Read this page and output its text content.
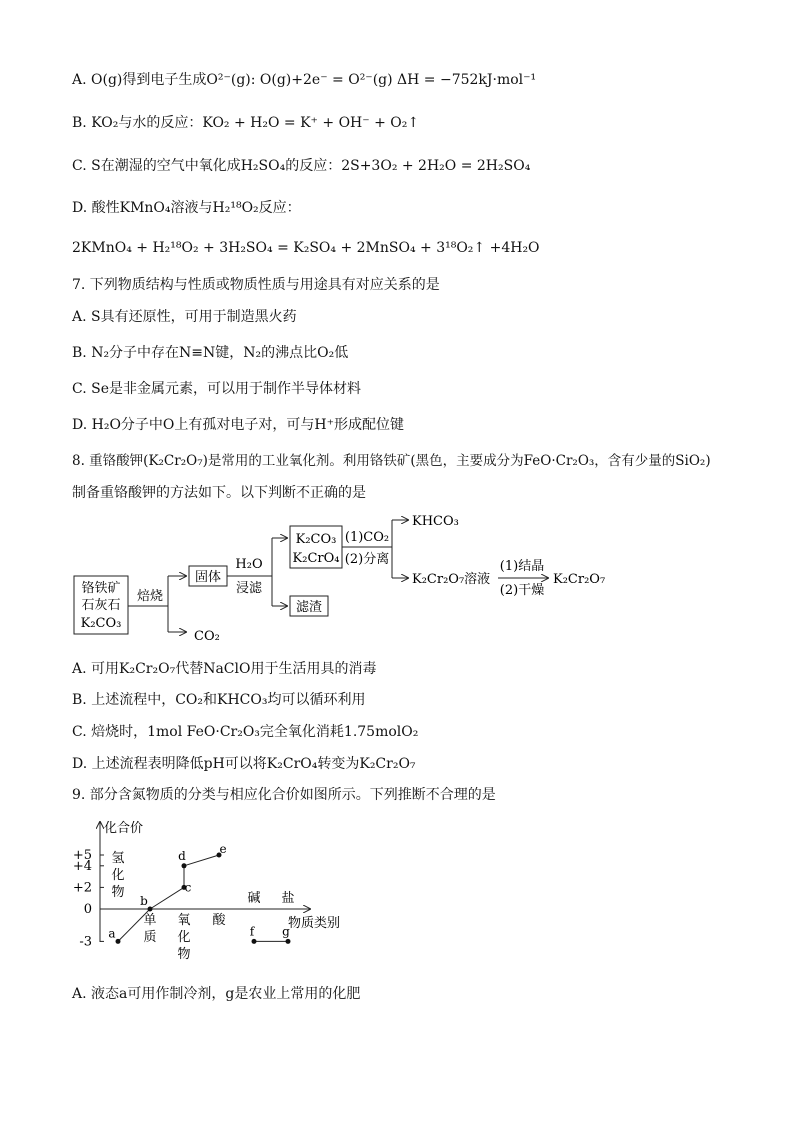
A. O(g)得到电子生成O²⁻(g): O(g)+2e⁻ = O²⁻(g) ΔH = −752kJ·mol⁻¹
B. KO₂与水的反应：KO₂ + H₂O = K⁺ + OH⁻ + O₂↑
C. S在潮湿的空气中氧化成H₂SO₄的反应：2S+3O₂ + 2H₂O = 2H₂SO₄
D. 酸性KMnO₄溶液与H₂¹⁸O₂反应：
2KMnO₄ + H₂¹⁸O₂ + 3H₂SO₄ = K₂SO₄ + 2MnSO₄ + 3¹⁸O₂↑ +4H₂O
7. 下列物质结构与性质或物质性质与用途具有对应关系的是
A. S具有还原性，可用于制造黑火药
B. N₂分子中存在N≡N键，N₂的沸点比O₂低
C. Se是非金属元素，可以用于制作半导体材料
D. H₂O分子中O上有孤对电子对，可与H⁺形成配位键
8. 重铬酸钾(K₂Cr₂O₇)是常用的工业氧化剂。利用铬铁矿(黑色，主要成分为FeO·Cr₂O₃，含有少量的SiO₂)
制备重铬酸钾的方法如下。以下判断不正确的是
铬铁矿
石灰石
K₂CO₃
焙烧
CO₂
固体
H₂O
浸滤
滤渣
K₂CO₃
K₂CrO₄
(1)CO₂
(2)分离
KHCO₃
K₂Cr₂O₇溶液
(1)结晶
(2)干燥
K₂Cr₂O₇
A. 可用K₂Cr₂O₇代替NaClO用于生活用具的消毒
B. 上述流程中，CO₂和KHCO₃均可以循环利用
C. 焙烧时，1mol FeO·Cr₂O₃完全氧化消耗1.75molO₂
D. 上述流程表明降低pH可以将K₂CrO₄转变为K₂Cr₂O₇
9. 部分含氮物质的分类与相应化合价如图所示。下列推断不合理的是
化合价
物质类别
+5
+4
+2
0
-3
氢化物
单质
氧化物
酸
碱 盐
a
b
c
d	e
f g
A. 液态a可用作制冷剂，g是农业上常用的化肥
